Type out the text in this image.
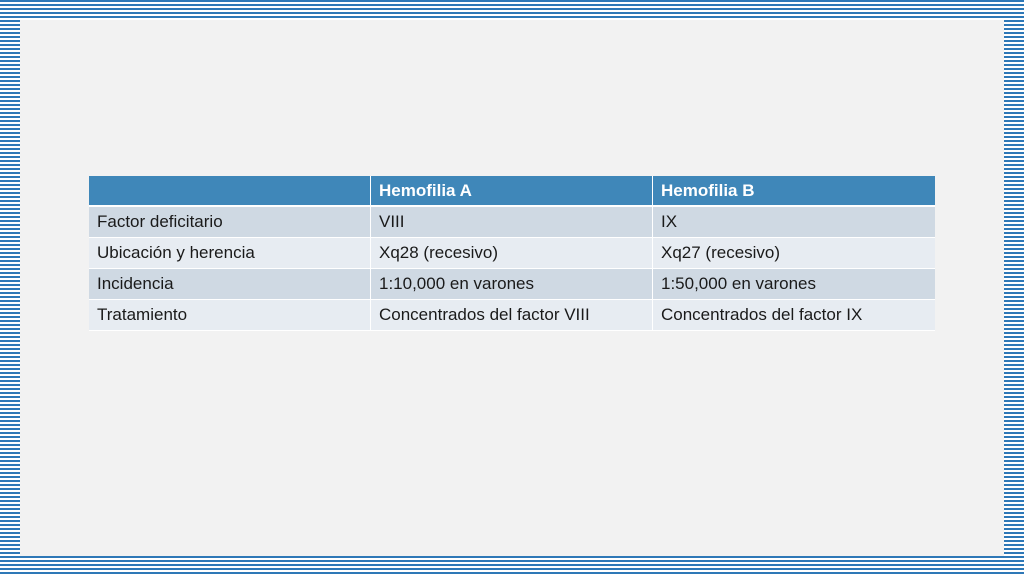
	Hemofilia A	Hemofilia B
Factor deficitario	VIII	IX
Ubicación y herencia	Xq28 (recesivo)	Xq27 (recesivo)
Incidencia	1:10,000 en varones	1:50,000 en varones
Tratamiento	Concentrados del factor VIII	Concentrados del factor IX
